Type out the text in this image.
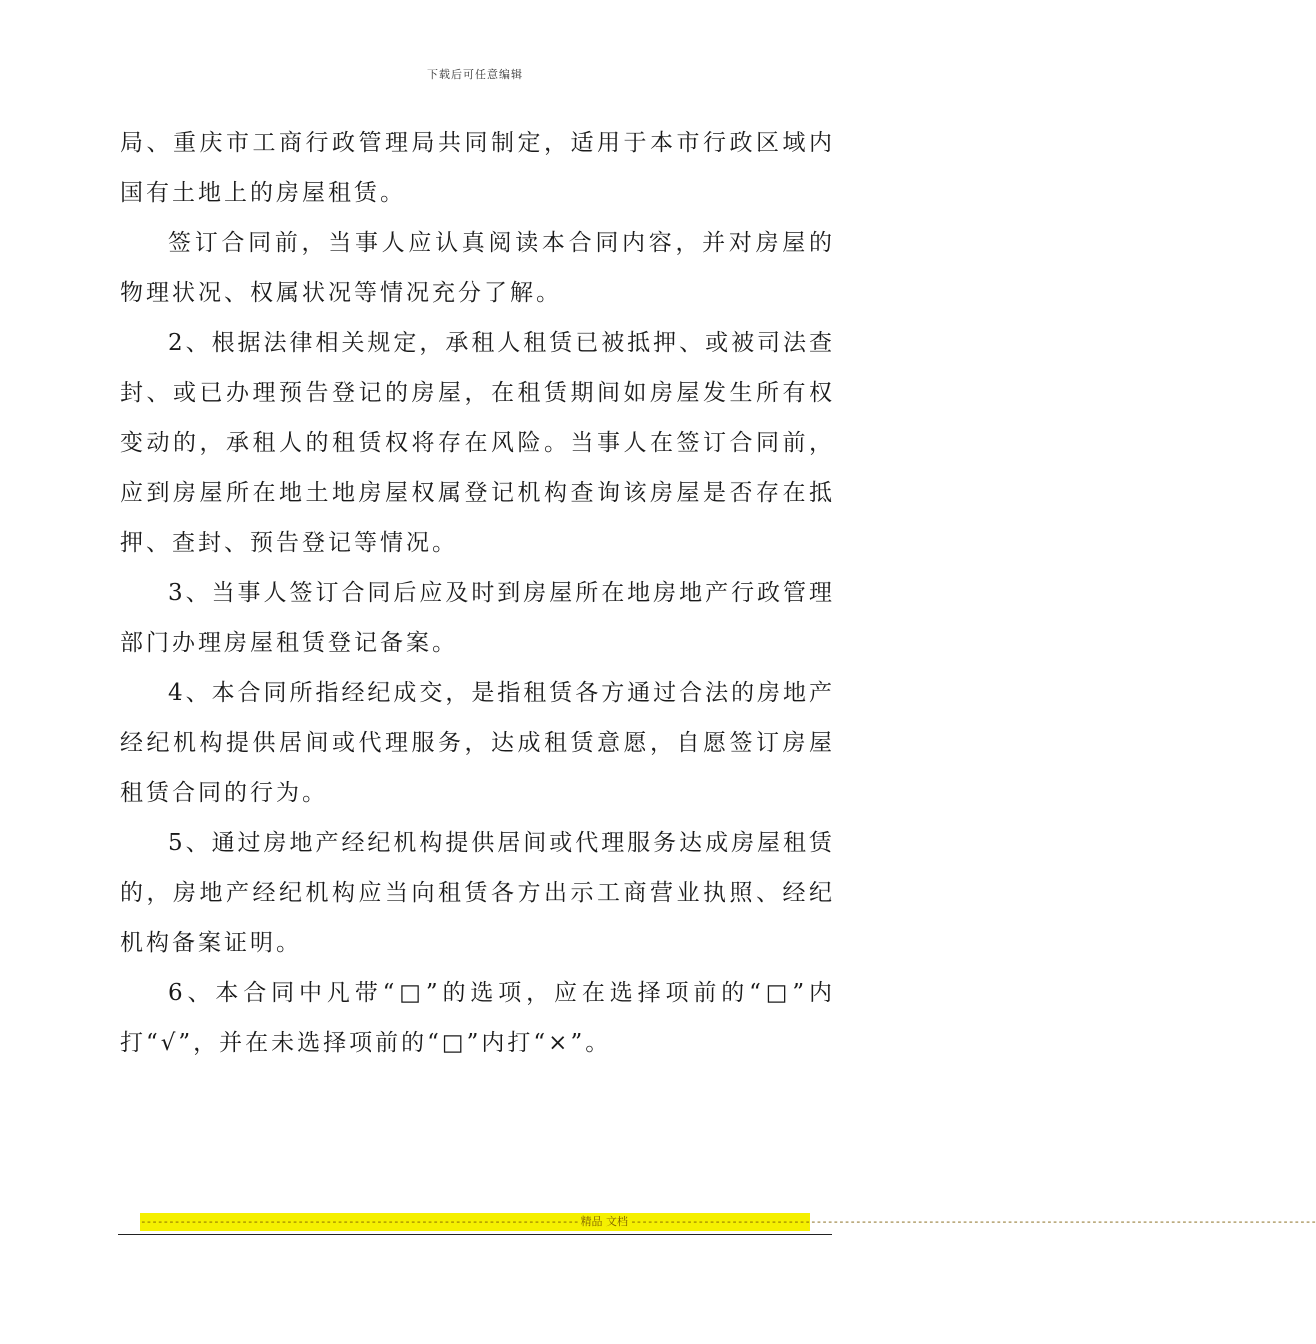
下载后可任意编辑
局、重庆市工商行政管理局共同制定，适用于本市行政区域内
国有土地上的房屋租赁。
签订合同前，当事人应认真阅读本合同内容，并对房屋的
物理状况、权属状况等情况充分了解。
2、根据法律相关规定，承租人租赁已被抵押、或被司法查
封、或已办理预告登记的房屋，在租赁期间如房屋发生所有权
变动的，承租人的租赁权将存在风险。当事人在签订合同前，
应到房屋所在地土地房屋权属登记机构查询该房屋是否存在抵
押、查封、预告登记等情况。
3、当事人签订合同后应及时到房屋所在地房地产行政管理
部门办理房屋租赁登记备案。
4、本合同所指经纪成交，是指租赁各方通过合法的房地产
经纪机构提供居间或代理服务，达成租赁意愿，自愿签订房屋
租赁合同的行为。
5、通过房地产经纪机构提供居间或代理服务达成房屋租赁
的，房地产经纪机构应当向租赁各方出示工商营业执照、经纪
机构备案证明。
6、本合同中凡带“□”的选项，应在选择项前的“□”内
打“√”，并在未选择项前的“□”内打“×”。
------------------------------------------------------------------------------ 精品 文档 --------------------------------------------------------------------------------------------------------------------------
